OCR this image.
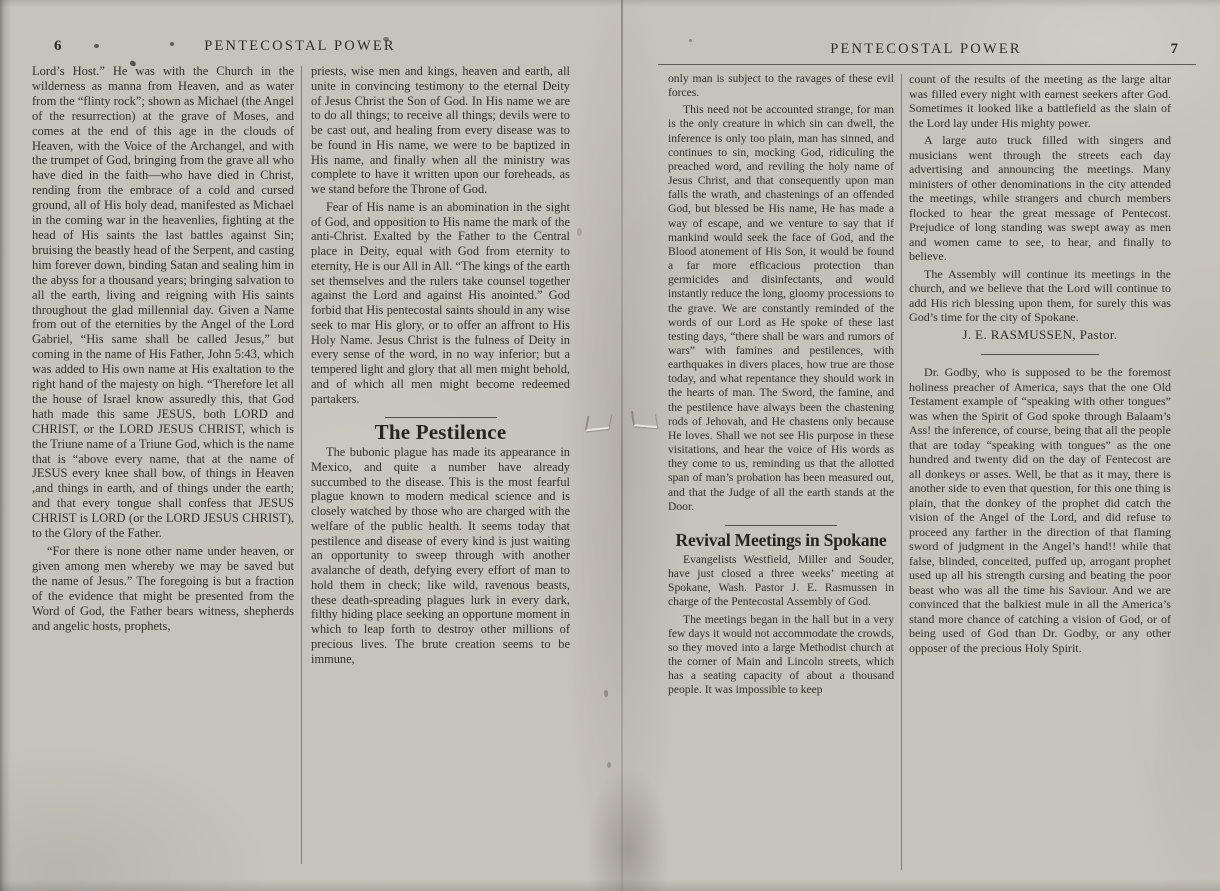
6	PENTECOSTAL POWER

Lord’s Host.” He was with the Church in the wilderness as manna from Heaven, and as water from the “flinty rock”; shown as Michael (the Angel of the resurrection) at the grave of Moses, and comes at the end of this age in the clouds of Heaven, with the Voice of the Archangel, and with the trumpet of God, bringing from the grave all who have died in the faith—who have died in Christ, rending from the embrace of a cold and cursed ground, all of His holy dead, manifested as Michael in the coming war in the heavenlies, fighting at the head of His saints the last battles against Sin; bruising the beastly head of the Serpent, and casting him forever down, binding Satan and sealing him in the abyss for a thousand years; bringing salvation to all the earth, living and reigning with His saints throughout the glad millennial day. Given a Name from out of the eternities by the Angel of the Lord Gabriel, “His same shall be called Jesus,” but coming in the name of His Father, John 5:43, which was added to His own name at His exaltation to the right hand of the majesty on high. “Therefore let all the house of Israel know assuredly this, that God hath made this same JESUS, both LORD and CHRIST, or the LORD JESUS CHRIST, which is the Triune name of a Triune God, which is the name that is “above every name, that at the name of JESUS every knee shall bow, of things in Heaven ,and things in earth, and of things under the earth; and that every tongue shall confess that JESUS CHRIST is LORD (or the LORD JESUS CHRIST), to the Glory of the Father.

“For there is none other name under heaven, or given among men whereby we may be saved but the name of Jesus.” The foregoing is but a fraction of the evidence that might be presented from the Word of God, the Father bears witness, shepherds and angelic hosts, prophets,

priests, wise men and kings, heaven and earth, all unite in convincing testimony to the eternal Deity of Jesus Christ the Son of God. In His name we are to do all things; to receive all things; devils were to be cast out, and healing from every disease was to be found in His name, we were to be baptized in His name, and finally when all the ministry was complete to have it written upon our foreheads, as we stand before the Throne of God.

Fear of His name is an abomination in the sight of God, and opposition to His name the mark of the anti-Christ. Exalted by the Father to the Central place in Deity, equal with God from eternity to eternity, He is our All in All. “The kings of the earth set themselves and the rulers take counsel together against the Lord and against His anointed.” God forbid that His pentecostal saints should in any wise seek to mar His glory, or to offer an affront to His Holy Name. Jesus Christ is the fulness of Deity in every sense of the word, in no way inferior; but a tempered light and glory that all men might behold, and of which all men might become redeemed partakers.

The Pestilence

The bubonic plague has made its appearance in Mexico, and quite a number have already succumbed to the disease. This is the most fearful plague known to modern medical science and is closely watched by those who are charged with the welfare of the public health. It seems today that pestilence and disease of every kind is just waiting an opportunity to sweep through with another avalanche of death, defying every effort of man to hold them in check; like wild, ravenous beasts, these death-spreading plagues lurk in every dark, filthy hiding place seeking an opportune moment in which to leap forth to destroy other millions of precious lives. The brute creation seems to be immune,

PENTECOSTAL POWER	7

only man is subject to the ravages of these evil forces.

This need not be accounted strange, for man is the only creature in which sin can dwell, the inference is only too plain, man has sinned, and continues to sin, mocking God, ridiculing the preached word, and reviling the holy name of Jesus Christ, and that consequently upon man falls the wrath, and chastenings of an offended God, but blessed be His name, He has made a way of escape, and we venture to say that if mankind would seek the face of God, and the Blood atonement of His Son, it would be found a far more efficacious protection than germicides and disinfectants, and would instantly reduce the long, gloomy processions to the grave. We are constantly reminded of the words of our Lord as He spoke of these last testing days, “there shall be wars and rumors of wars” with famines and pestilences, with earthquakes in divers places, how true are those today, and what repentance they should work in the hearts of man. The Sword, the famine, and the pestilence have always been the chastening rods of Jehovah, and He chastens only because He loves. Shall we not see His purpose in these visitations, and hear the voice of His words as they come to us, reminding us that the allotted span of man’s probation has been measured out, and that the Judge of all the earth stands at the Door.

Revival Meetings in Spokane

Evangelists Westfield, Miller and Souder, have just closed a three weeks’ meeting at Spokane, Wash. Pastor J. E. Rasmussen in charge of the Pentecostal Assembly of God.

The meetings began in the hall but in a very few days it would not accommodate the crowds, so they moved into a large Methodist church at the corner of Main and Lincoln streets, which has a seating capacity of about a thousand people. It was impossible to keep

count of the results of the meeting as the large altar was filled every night with earnest seekers after God. Sometimes it looked like a battlefield as the slain of the Lord lay under His mighty power.

A large auto truck filled with singers and musicians went through the streets each day advertising and announcing the meetings. Many ministers of other denominations in the city attended the meetings, while strangers and church members flocked to hear the great message of Pentecost. Prejudice of long standing was swept away as men and women came to see, to hear, and finally to believe.

The Assembly will continue its meetings in the church, and we believe that the Lord will continue to add His rich blessing upon them, for surely this was God’s time for the city of Spokane.

J. E. RASMUSSEN, Pastor.

Dr. Godby, who is supposed to be the foremost holiness preacher of America, says that the one Old Testament example of “speaking with other tongues” was when the Spirit of God spoke through Balaam’s Ass! the inference, of course, being that all the people that are today “speaking with tongues” as the one hundred and twenty did on the day of Fentecost are all donkeys or asses. Well, be that as it may, there is another side to even that question, for this one thing is plain, that the donkey of the prophet did catch the vision of the Angel of the Lord, and did refuse to proceed any farther in the direction of that flaming sword of judgment in the Angel’s hand!! while that false, blinded, conceited, puffed up, arrogant prophet used up all his strength cursing and beating the poor beast who was all the time his Saviour. And we are convinced that the balkiest mule in all the America’s stand more chance of catching a vision of God, or of being used of God than Dr. Godby, or any other opposer of the precious Holy Spirit.
